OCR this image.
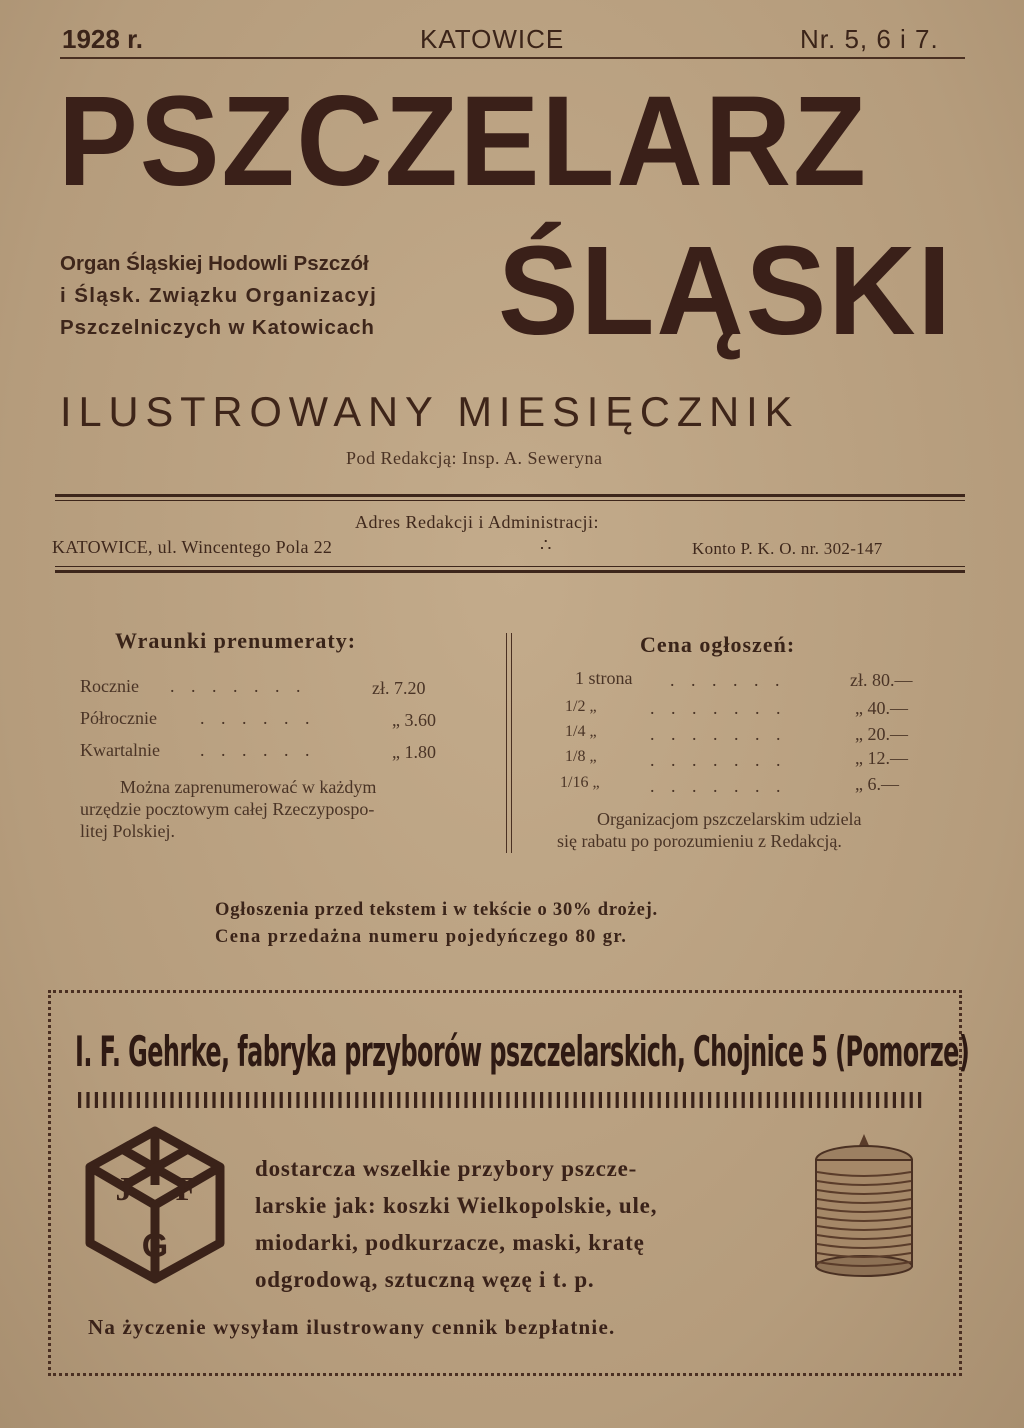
1928 r.	KATOWICE	Nr. 5, 6 i 7.
PSZCZELARZ
Organ Śląskiej Hodowli Pszczół
i Śląsk. Związku Organizacyj
Pszczelniczych w Katowicach ŚLĄSKI
ILUSTROWANY MIESIĘCZNIK
Pod Redakcją: Insp. A. Seweryna
Adres Redakcji i Administracji:
KATOWICE, ul. Wincentego Pola 22	∴	Konto P. K. O. nr. 302-147
Wraunki prenumeraty:
Rocznie . . . . . . .	zł. 7.20
Półrocznie . . . . . .	„ 3.60
Kwartalnie . . . . . .	„ 1.80
Można zaprenumerować w każdym
urzędzie pocztowym całej Rzeczypospo-
litej Polskiej.
Cena ogłoszeń:
1 strona . . . . . .	zł. 80.—
1/2 „	. . . . . . .	„ 40.—
1/4 „	. . . . . . .	„ 20.—
1/8 „	. . . . . . .	„ 12.—
1/16 „	. . . . . . .	„ 6.—
Organizacjom pszczelarskim udziela
się rabatu po porozumieniu z Redakcją.
Ogłoszenia przed tekstem i w tekście o 30% drożej.
Cena przedażna numeru pojedyńczego 80 gr.
I. F. Gehrke, fabryka przyborów pszczelarskich, Chojnice 5 (Pomorze)
J F
G
dostarcza wszelkie przybory pszcze-
larskie jak: koszki Wielkopolskie, ule,
miodarki, podkurzacze, maski, kratę
odgrodową, sztuczną węzę i t. p.
Na życzenie wysyłam ilustrowany cennik bezpłatnie.
